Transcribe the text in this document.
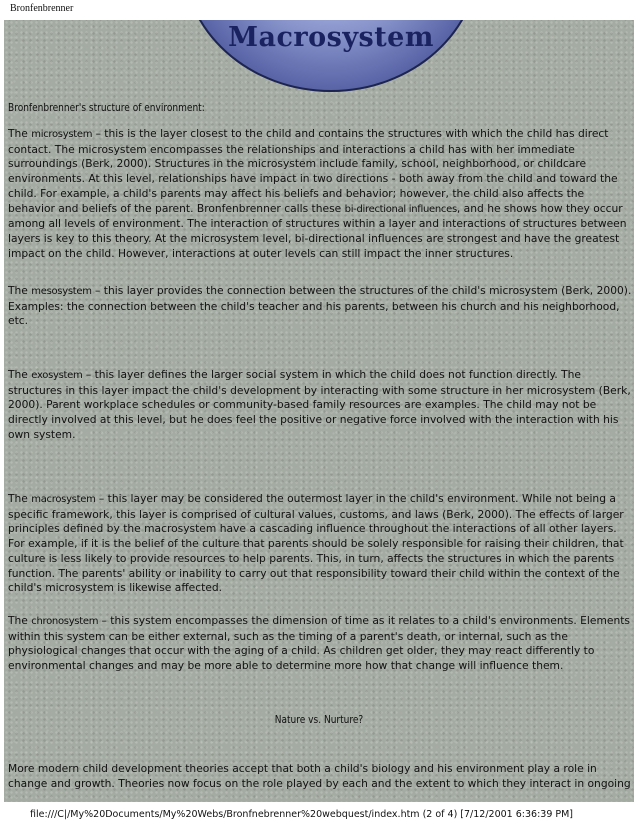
Bronfenbrenner
Macrosystem
Bronfenbrenner's structure of environment:

The microsystem – this is the layer closest to the child and contains the structures with which the child has direct contact. The microsystem encompasses the relationships and interactions a child has with her immediate surroundings (Berk, 2000). Structures in the microsystem include family, school, neighborhood, or childcare environments. At this level, relationships have impact in two directions - both away from the child and toward the child. For example, a child's parents may affect his beliefs and behavior; however, the child also affects the behavior and beliefs of the parent. Bronfenbrenner calls these bi-directional influences, and he shows how they occur among all levels of environment. The interaction of structures within a layer and interactions of structures between layers is key to this theory. At the microsystem level, bi-directional influences are strongest and have the greatest impact on the child. However, interactions at outer levels can still impact the inner structures.

The mesosystem – this layer provides the connection between the structures of the child's microsystem (Berk, 2000). Examples: the connection between the child's teacher and his parents, between his church and his neighborhood, etc.

The exosystem – this layer defines the larger social system in which the child does not function directly. The structures in this layer impact the child's development by interacting with some structure in her microsystem (Berk, 2000). Parent workplace schedules or community-based family resources are examples. The child may not be directly involved at this level, but he does feel the positive or negative force involved with the interaction with his own system.

The macrosystem – this layer may be considered the outermost layer in the child's environment. While not being a specific framework, this layer is comprised of cultural values, customs, and laws (Berk, 2000). The effects of larger principles defined by the macrosystem have a cascading influence throughout the interactions of all other layers. For example, if it is the belief of the culture that parents should be solely responsible for raising their children, that culture is less likely to provide resources to help parents. This, in turn, affects the structures in which the parents function. The parents' ability or inability to carry out that responsibility toward their child within the context of the child's microsystem is likewise affected.

The chronosystem – this system encompasses the dimension of time as it relates to a child's environments. Elements within this system can be either external, such as the timing of a parent's death, or internal, such as the physiological changes that occur with the aging of a child. As children get older, they may react differently to environmental changes and may be more able to determine more how that change will influence them.

Nature vs. Nurture?

More modern child development theories accept that both a child's biology and his environment play a role in change and growth. Theories now focus on the role played by each and the extent to which they interact in ongoing

file:///C|/My%20Documents/My%20Webs/Bronfnebrenner%20webquest/index.htm (2 of 4) [7/12/2001 6:36:39 PM]
